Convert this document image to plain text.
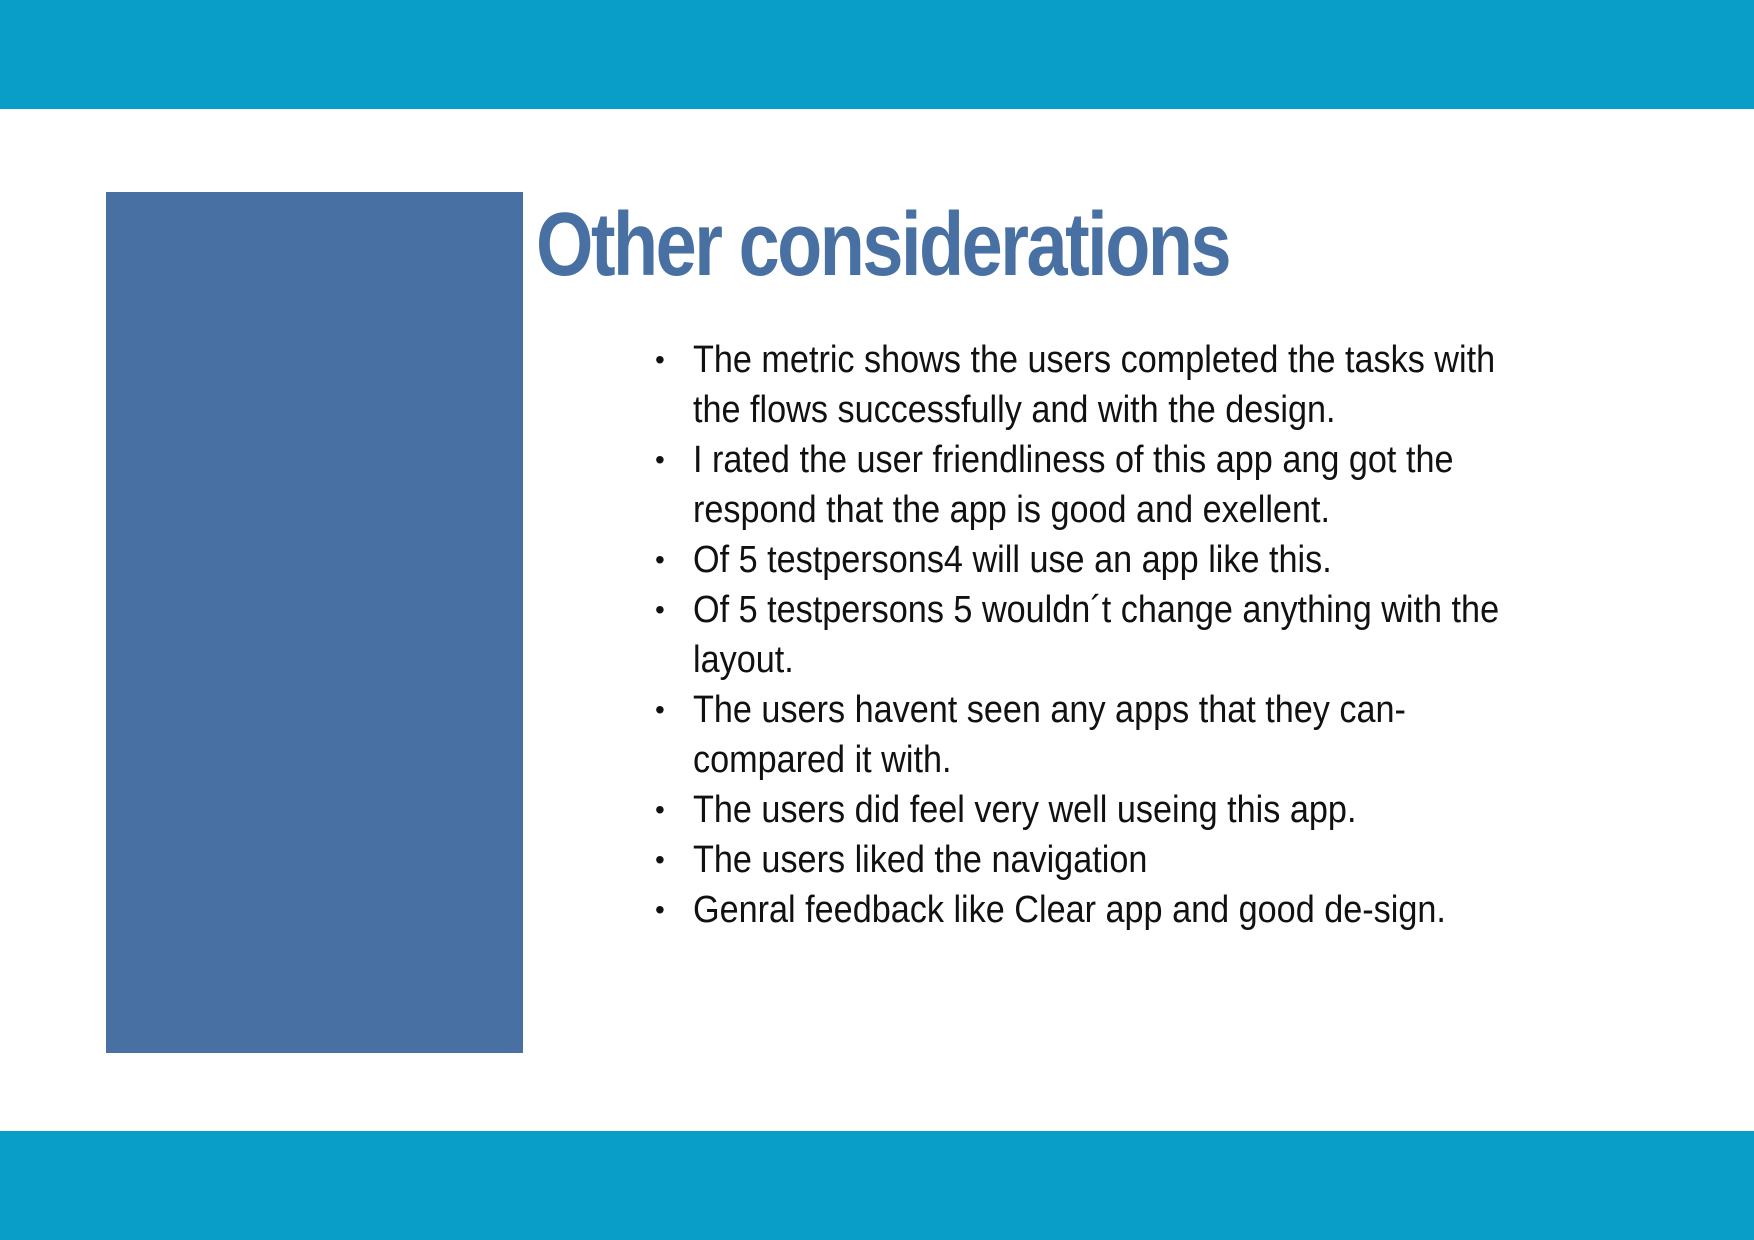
Other considerations
• The metric shows the users completed the tasks with the flows successfully and with the design.
• I rated the user friendliness of this app ang got the respond that the app is good and exellent.
• Of 5 testpersons4 will use an app like this.
• Of 5 testpersons 5 wouldn´t change anything with the layout.
• The users havent seen any apps that they can-compared it with.
• The users did feel very well useing this app.
• The users liked the navigation
• Genral feedback like Clear app and good de-sign.
